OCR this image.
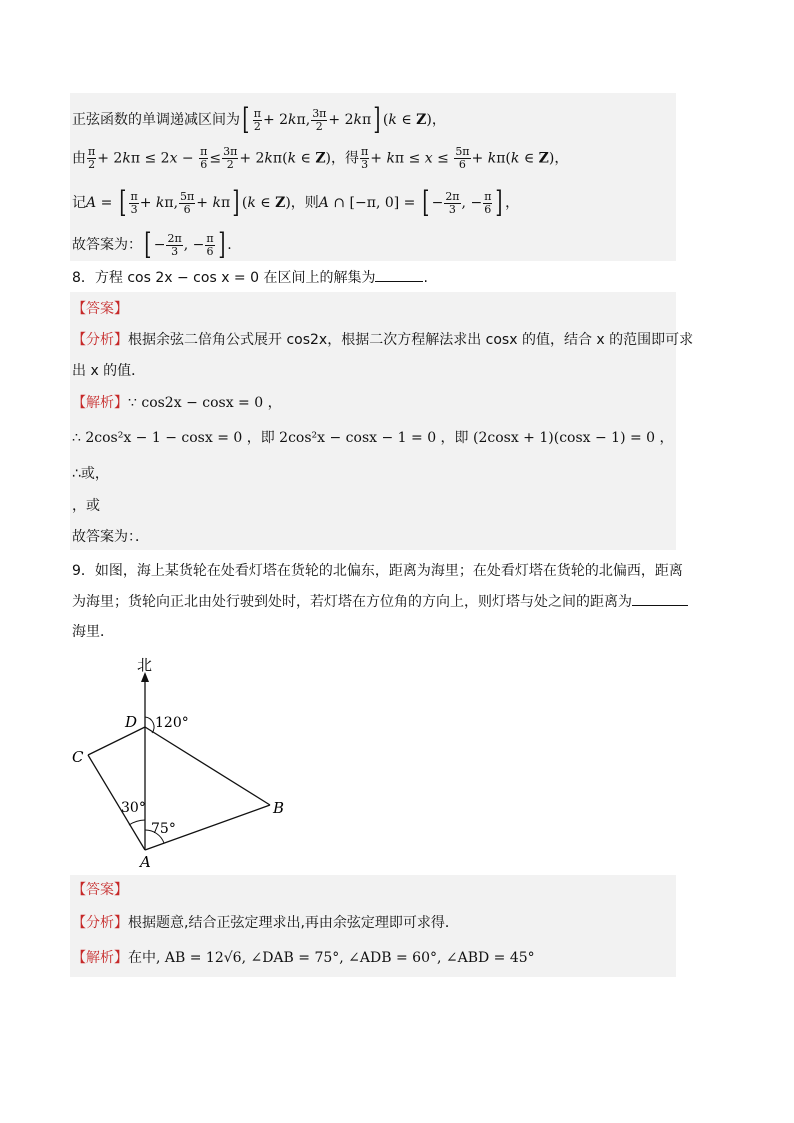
正弦函数的单调递减区间为[ $\frac{\pi}{2} + 2k\pi$, $\frac{3\pi}{2} + 2k\pi$] (k ∈ Z)，
由 $\frac{\pi}{2} + 2k\pi \le 2x - \frac{\pi}{6} \le \frac{3\pi}{2} + 2k\pi(k$ ∈ Z)，得 $\frac{\pi}{3} + k\pi \le x \le \frac{5\pi}{6} + k\pi(k$ ∈ Z)，
记A = [ $\frac{\pi}{3} + k\pi$, $\frac{5\pi}{6} + k\pi$] (k ∈ Z)，则A ∩ [−π, 0] = [ − $\frac{2\pi}{3}$ , − $\frac{\pi}{6}$ ] ，
故答案为：[ − $\frac{2\pi}{3}$ , − $\frac{\pi}{6}$ ] .
8．方程 cos 2x − cos x = 0 在区间上的解集为	.
【答案】
【分析】根据余弦二倍角公式展开 cos2x，根据二次方程解法求出 cosx 的值，结合 x 的范围即可求
出 x 的值．
【解析】∵ cos2x − cosx = 0 ，
∴ 2cos²x − 1 − cosx = 0 ，即 2cos²x − cosx − 1 = 0 ，即 (2cosx + 1)(cosx − 1) = 0 ，
∴或，
，或
故答案为：．
9．如图，海上某货轮在处看灯塔在货轮的北偏东，距离为海里；在处看灯塔在货轮的北偏西，距离
为海里；货轮向正北由处行驶到处时，若灯塔在方位角的方向上，则灯塔与处之间的距离为
海里．
北
D 120°
C
30°	B
75°
A
【答案】
【分析】根据题意,结合正弦定理求出,再由余弦定理即可求得．
【解析】在中, AB = 12√6, ∠DAB = 75°, ∠ADB = 60°, ∠ABD = 45°
